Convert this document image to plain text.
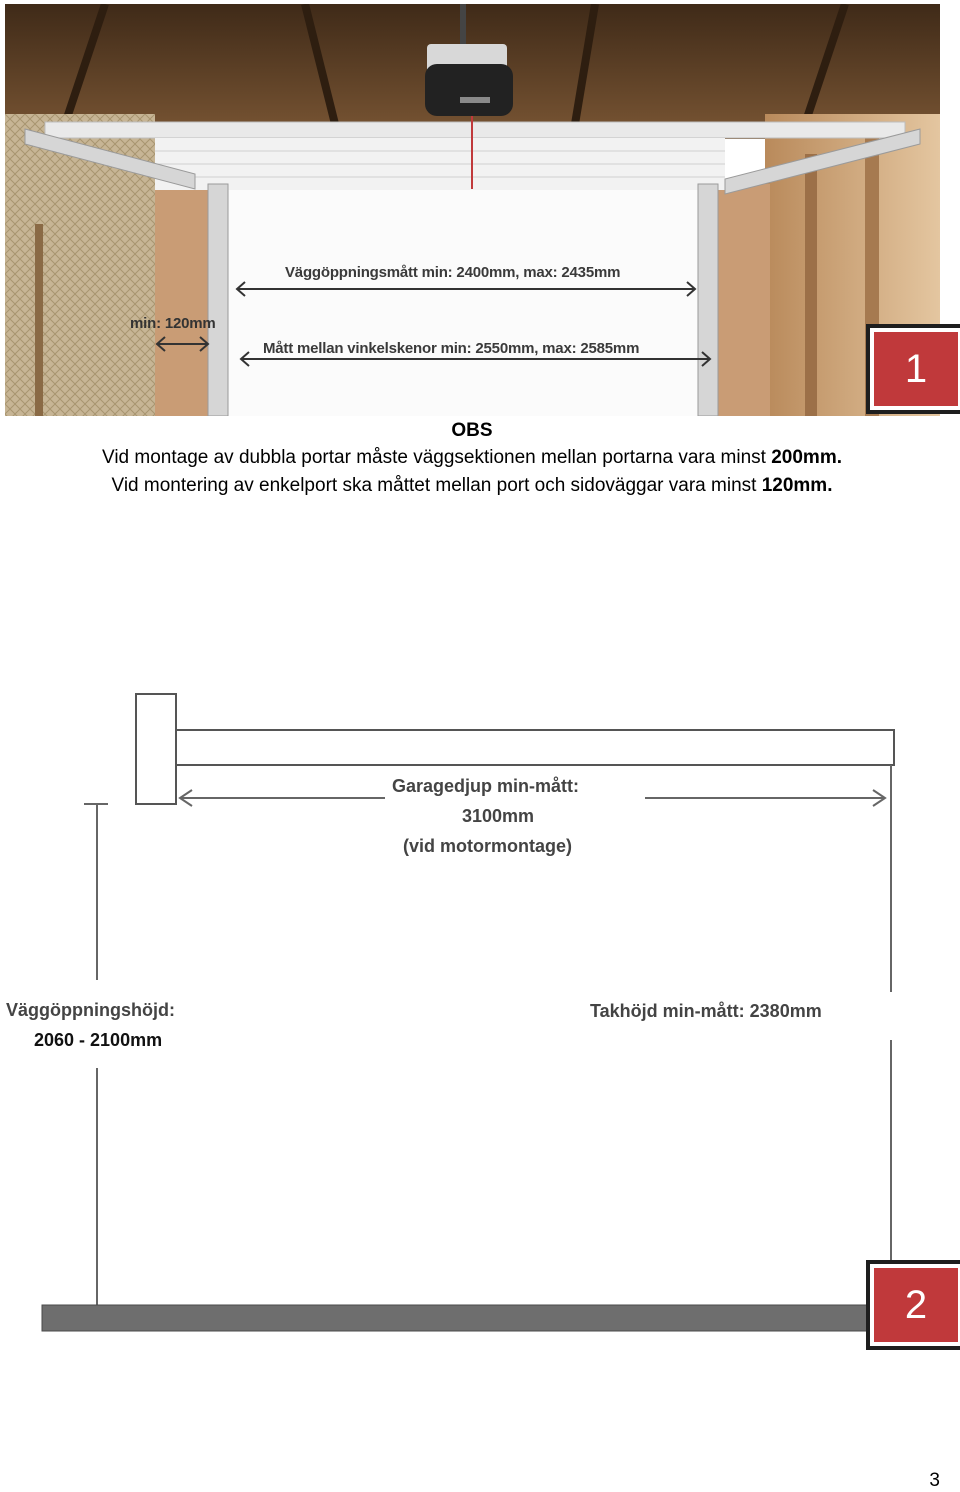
Väggöppningsmått min: 2400mm, max: 2435mm
min: 120mm
Mått mellan vinkelskenor min: 2550mm, max: 2585mm	1
OBS
Vid montage av dubbla portar måste väggsektionen mellan portarna vara minst 200mm.
Vid montering av enkelport ska måttet mellan port och sidoväggar vara minst 120mm.
Garagedjup min-mått:
3100mm
(vid motormontage)
Väggöppningshöjd:
2060 - 2100mm
Takhöjd min-mått: 2380mm
2
3
